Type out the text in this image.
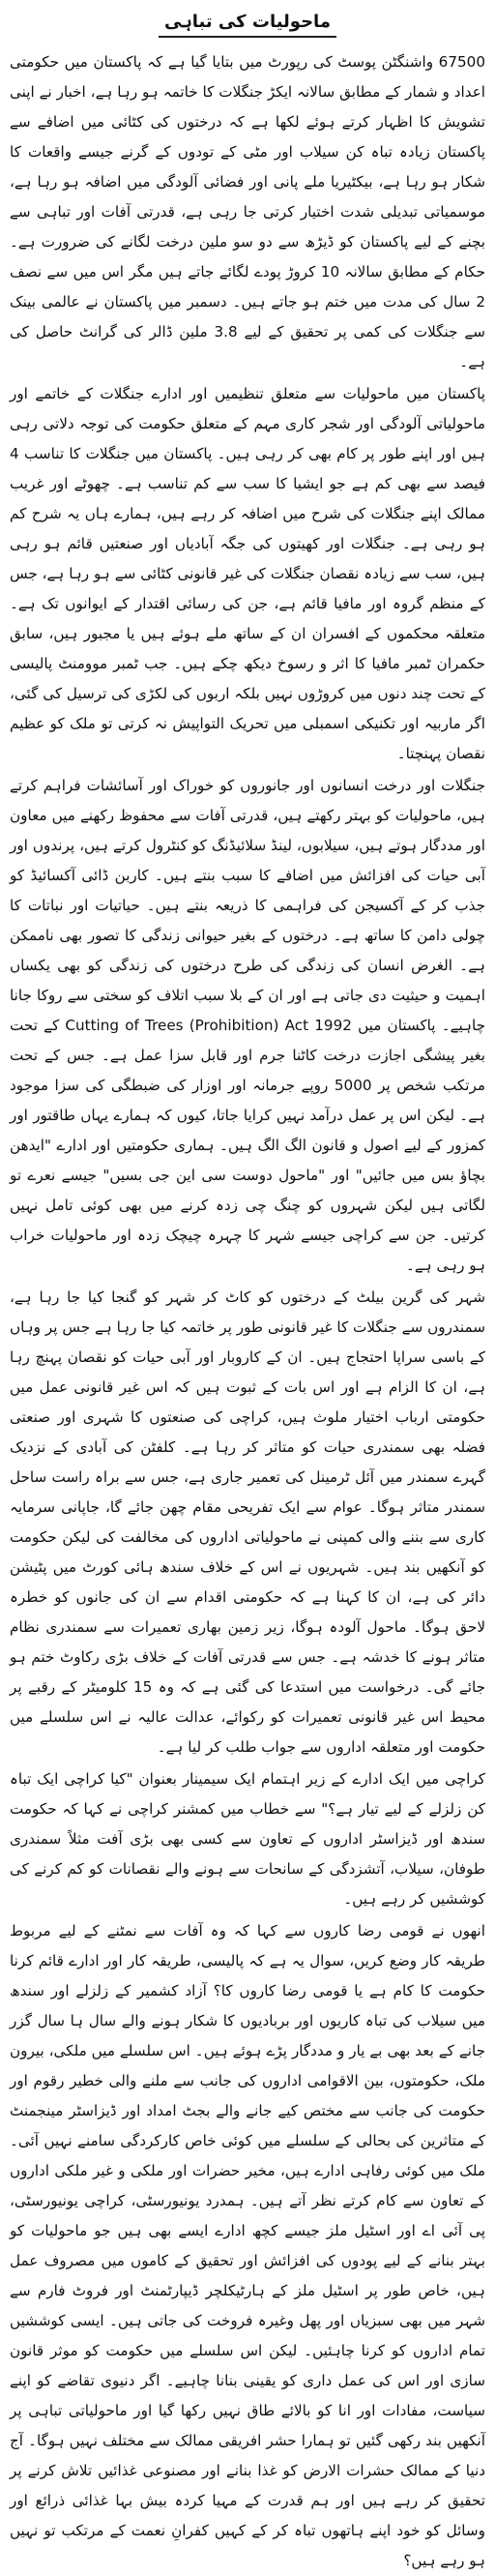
ماحولیات کی تباہی

67500 واشنگٹن پوسٹ کی رپورٹ میں بتایا گیا ہے کہ پاکستان میں حکومتی اعداد و شمار کے مطابق سالانہ ایکڑ جنگلات کا خاتمہ ہو رہا ہے، اخبار نے اپنی تشویش کا اظہار کرتے ہوئے لکھا ہے کہ درختوں کی کٹائی میں اضافے سے پاکستان زیادہ تباہ کن سیلاب اور مٹی کے تودوں کے گرنے جیسے واقعات کا شکار ہو رہا ہے، بیکٹیریا ملے پانی اور فضائی آلودگی میں اضافہ ہو رہا ہے، موسمیاتی تبدیلی شدت اختیار کرتی جا رہی ہے، قدرتی آفات اور تباہی سے بچنے کے لیے پاکستان کو ڈیڑھ سے دو سو ملین درخت لگانے کی ضرورت ہے۔ حکام کے مطابق سالانہ 10 کروڑ پودے لگائے جاتے ہیں مگر اس میں سے نصف 2 سال کی مدت میں ختم ہو جاتے ہیں۔ دسمبر میں پاکستان نے عالمی بینک سے جنگلات کی کمی پر تحقیق کے لیے 3.8 ملین ڈالر کی گرانٹ حاصل کی ہے۔

پاکستان میں ماحولیات سے متعلق تنظیمیں اور ادارے جنگلات کے خاتمے اور ماحولیاتی آلودگی اور شجر کاری مہم کے متعلق حکومت کی توجہ دلاتی رہی ہیں اور اپنے طور پر کام بھی کر رہی ہیں۔ پاکستان میں جنگلات کا تناسب 4 فیصد سے بھی کم ہے جو ایشیا کا سب سے کم تناسب ہے۔ چھوٹے اور غریب ممالک اپنے جنگلات کی شرح میں اضافہ کر رہے ہیں، ہمارے ہاں یہ شرح کم ہو رہی ہے۔ جنگلات اور کھیتوں کی جگہ آبادیاں اور صنعتیں قائم ہو رہی ہیں، سب سے زیادہ نقصان جنگلات کی غیر قانونی کٹائی سے ہو رہا ہے، جس کے منظم گروہ اور مافیا قائم ہے، جن کی رسائی اقتدار کے ایوانوں تک ہے۔ متعلقہ محکموں کے افسران ان کے ساتھ ملے ہوئے ہیں یا مجبور ہیں، سابق حکمران ٹمبر مافیا کا اثر و رسوخ دیکھ چکے ہیں۔ جب ٹمبر موومنٹ پالیسی کے تحت چند دنوں میں کروڑوں نہیں بلکہ اربوں کی لکڑی کی ترسیل کی گئی، اگر ماربیہ اور تکنیکی اسمبلی میں تحریک التواپیش نہ کرتی تو ملک کو عظیم نقصان پہنچتا۔

جنگلات اور درخت انسانوں اور جانوروں کو خوراک اور آسائشات فراہم کرتے ہیں، ماحولیات کو بہتر رکھتے ہیں، قدرتی آفات سے محفوظ رکھنے میں معاون اور مددگار ہوتے ہیں، سیلابوں، لینڈ سلائیڈنگ کو کنٹرول کرتے ہیں، پرندوں اور آبی حیات کی افزائش میں اضافے کا سبب بنتے ہیں۔ کاربن ڈائی آکسائیڈ کو جذب کر کے آکسیجن کی فراہمی کا ذریعہ بنتے ہیں۔ حیاتیات اور نباتات کا چولی دامن کا ساتھ ہے۔ درختوں کے بغیر حیوانی زندگی کا تصور بھی ناممکن ہے۔ الغرض انسان کی زندگی کی طرح درختوں کی زندگی کو بھی یکساں اہمیت و حیثیت دی جاتی ہے اور ان کے بلا سبب اتلاف کو سختی سے روکا جانا چاہیے۔ پاکستان میں 1992 Cutting of Trees (Prohibition) Act کے تحت بغیر پیشگی اجازت درخت کاٹنا جرم اور قابل سزا عمل ہے۔ جس کے تحت مرتکب شخص پر 5000 روپے جرمانہ اور اوزار کی ضبطگی کی سزا موجود ہے۔ لیکن اس پر عمل درآمد نہیں کرایا جاتا، کیوں کہ ہمارے یہاں طاقتور اور کمزور کے لیے اصول و قانون الگ الگ ہیں۔ ہماری حکومتیں اور ادارے "ایدھن بچاؤ بس میں جائیں" اور "ماحول دوست سی این جی بسیں" جیسے نعرے تو لگاتی ہیں لیکن شہروں کو چنگ چی زدہ کرنے میں بھی کوئی تامل نہیں کرتیں۔ جن سے کراچی جیسے شہر کا چہرہ چیچک زدہ اور ماحولیات خراب ہو رہی ہے۔

شہر کی گرین بیلٹ کے درختوں کو کاٹ کر شہر کو گنجا کیا جا رہا ہے، سمندروں سے جنگلات کا غیر قانونی طور پر خاتمہ کیا جا رہا ہے جس پر وہاں کے باسی سراپا احتجاج ہیں۔ ان کے کاروبار اور آبی حیات کو نقصان پہنچ رہا ہے، ان کا الزام ہے اور اس بات کے ثبوت ہیں کہ اس غیر قانونی عمل میں حکومتی ارباب اختیار ملوث ہیں، کراچی کی صنعتوں کا شہری اور صنعتی فضلہ بھی سمندری حیات کو متاثر کر رہا ہے۔ کلفٹن کی آبادی کے نزدیک گہرے سمندر میں آئل ٹرمینل کی تعمیر جاری ہے، جس سے براہ راست ساحل سمندر متاثر ہوگا۔ عوام سے ایک تفریحی مقام چھن جائے گا، جاپانی سرمایہ کاری سے بننے والی کمپنی نے ماحولیاتی اداروں کی مخالفت کی لیکن حکومت کو آنکھیں بند ہیں۔ شہریوں نے اس کے خلاف سندھ ہائی کورٹ میں پٹیشن دائر کی ہے، ان کا کہنا ہے کہ حکومتی اقدام سے ان کی جانوں کو خطرہ لاحق ہوگا۔ ماحول آلودہ ہوگا، زیر زمین بھاری تعمیرات سے سمندری نظام متاثر ہونے کا خدشہ ہے۔ جس سے قدرتی آفات کے خلاف بڑی رکاوٹ ختم ہو جائے گی۔ درخواست میں استدعا کی گئی ہے کہ وہ 15 کلومیٹر کے رقبے پر محیط اس غیر قانونی تعمیرات کو رکوائے، عدالت عالیہ نے اس سلسلے میں حکومت اور متعلقہ اداروں سے جواب طلب کر لیا ہے۔

کراچی میں ایک ادارے کے زیر اہتمام ایک سیمینار بعنوان "کیا کراچی ایک تباہ کن زلزلے کے لیے تیار ہے؟" سے خطاب میں کمشنر کراچی نے کہا کہ حکومت سندھ اور ڈیزاسٹر اداروں کے تعاون سے کسی بھی بڑی آفت مثلاً سمندری طوفان، سیلاب، آتشزدگی کے سانحات سے ہونے والے نقصانات کو کم کرنے کی کوششیں کر رہے ہیں۔

انھوں نے قومی رضا کاروں سے کہا کہ وہ آفات سے نمٹنے کے لیے مربوط طریقہ کار وضع کریں، سوال یہ ہے کہ پالیسی، طریقہ کار اور ادارے قائم کرنا حکومت کا کام ہے یا قومی رضا کاروں کا؟ آزاد کشمیر کے زلزلے اور سندھ میں سیلاب کی تباہ کاریوں اور بربادیوں کا شکار ہونے والے سال ہا سال گزر جانے کے بعد بھی بے یار و مددگار پڑے ہوئے ہیں۔ اس سلسلے میں ملکی، بیرون ملک، حکومتوں، بین الاقوامی اداروں کی جانب سے ملنے والی خطیر رقوم اور حکومت کی جانب سے مختص کیے جانے والے بجٹ امداد اور ڈیزاسٹر مینجمنٹ کے متاثرین کی بحالی کے سلسلے میں کوئی خاص کارکردگی سامنے نہیں آئی۔ ملک میں کوئی رفاہی ادارے ہیں، مخیر حضرات اور ملکی و غیر ملکی اداروں کے تعاون سے کام کرتے نظر آتے ہیں۔ ہمدرد یونیورسٹی، کراچی یونیورسٹی، پی آئی اے اور اسٹیل ملز جیسے کچھ ادارے ایسے بھی ہیں جو ماحولیات کو بہتر بنانے کے لیے پودوں کی افزائش اور تحقیق کے کاموں میں مصروف عمل ہیں، خاص طور پر اسٹیل ملز کے ہارٹیکلچر ڈیپارٹمنٹ اور فروٹ فارم سے شہر میں بھی سبزیاں اور پھل وغیرہ فروخت کی جاتی ہیں۔ ایسی کوششیں تمام اداروں کو کرنا چاہئیں۔ لیکن اس سلسلے میں حکومت کو موثر قانون سازی اور اس کی عمل داری کو یقینی بنانا چاہیے۔ اگر دنیوی تقاضے کو اپنے سیاست، مفادات اور انا کو بالائے طاق نہیں رکھا گیا اور ماحولیاتی تباہی پر آنکھیں بند رکھی گئیں تو ہمارا حشر افریقی ممالک سے مختلف نہیں ہوگا۔ آج دنیا کے ممالک حشرات الارض کو غذا بنانے اور مصنوعی غذائیں تلاش کرنے پر تحقیق کر رہے ہیں اور ہم قدرت کے مہیا کردہ بیش بہا غذائی ذرائع اور وسائل کو خود اپنے ہاتھوں تباہ کر کے کہیں کفرانِ نعمت کے مرتکب تو نہیں ہو رہے ہیں؟
